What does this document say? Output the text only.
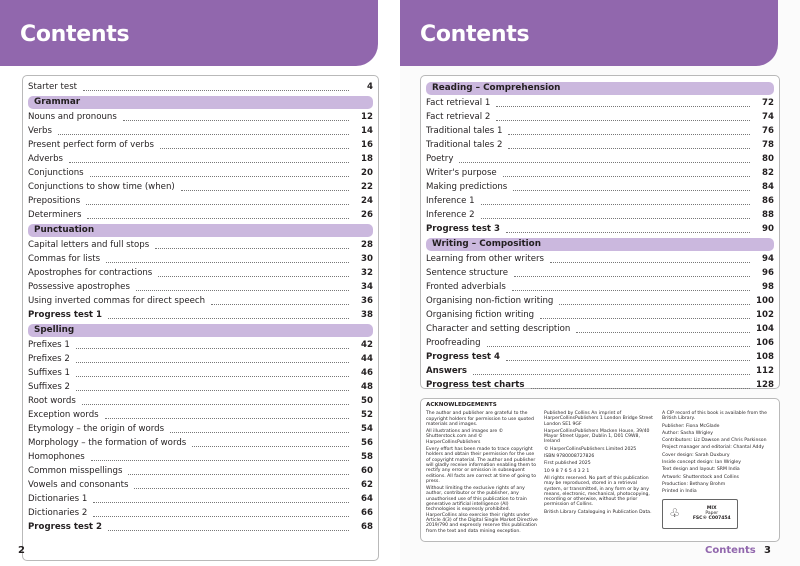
Contents
Starter test	4
Grammar
Nouns and pronouns	12
Verbs	14
Present perfect form of verbs	16
Adverbs	18
Conjunctions	20
Conjunctions to show time (when)	22
Prepositions	24
Determiners	26
Punctuation
Capital letters and full stops	28
Commas for lists	30
Apostrophes for contractions	32
Possessive apostrophes	34
Using inverted commas for direct speech	36
Progress test 1	38
Spelling
Prefixes 1	42
Prefixes 2	44
Suffixes 1	46
Suffixes 2	48
Root words	50
Exception words	52
Etymology – the origin of words	54
Morphology – the formation of words	56
Homophones	58
Common misspellings	60
Vowels and consonants	62
Dictionaries 1	64
Dictionaries 2	66
Progress test 2	68
2
Contents
Reading – Comprehension
Fact retrieval 1	72
Fact retrieval 2	74
Traditional tales 1	76
Traditional tales 2	78
Poetry	80
Writer's purpose	82
Making predictions	84
Inference 1	86
Inference 2	88
Progress test 3	90
Writing – Composition
Learning from other writers	94
Sentence structure	96
Fronted adverbials	98
Organising non-fiction writing	100
Organising fiction writing	102
Character and setting description	104
Proofreading	106
Progress test 4	108
Answers	112
Progress test charts	128
ACKNOWLEDGEMENTS

The author and publisher are grateful to the copyright holders for permission to use quoted materials and images.

All illustrations and images are © Shutterstock.com and © HarperCollinsPublishers

Every effort has been made to trace copyright holders and obtain their permission for the use of copyright material. The author and publisher will gladly receive information enabling them to rectify any error or omission in subsequent editions. All facts are correct at time of going to press.

Without limiting the exclusive rights of any author, contributor or the publisher, any unauthorised use of this publication to train generative artificial intelligence (AI) technologies is expressly prohibited. HarperCollins also exercise their rights under Article 4(3) of the Digital Single Market Directive 2019/790 and expressly reserve this publication from the text and data mining exception.

Published by Collins An imprint of HarperCollinsPublishers 1 London Bridge Street London SE1 9GF

HarperCollinsPublishers Macken House, 39/40 Mayor Street Upper, Dublin 1, D01 C9W8, Ireland

© HarperCollinsPublishers Limited 2025

ISBN 9780008727826

First published 2025

10 9 8 7 6 5 4 3 2 1

All rights reserved. No part of this publication may be reproduced, stored in a retrieval system, or transmitted, in any form or by any means, electronic, mechanical, photocopying, recording or otherwise, without the prior permission of Collins.

British Library Cataloguing in Publication Data.

A CIP record of this book is available from the British Library.

Publisher: Fiona McGlade

Author: Sasha Wrigley

Contributors: Liz Dawson and Chris Parkinson

Project manager and editorial: Chantal Addy

Cover design: Sarah Duxbury

Inside concept design: Ian Wrigley

Text design and layout: SRM India

Artwork: Shutterstock and Collins

Production: Bethany Brohm

Printed in India

♧	MIX
Paper
FSC® C007454
Contents 3
